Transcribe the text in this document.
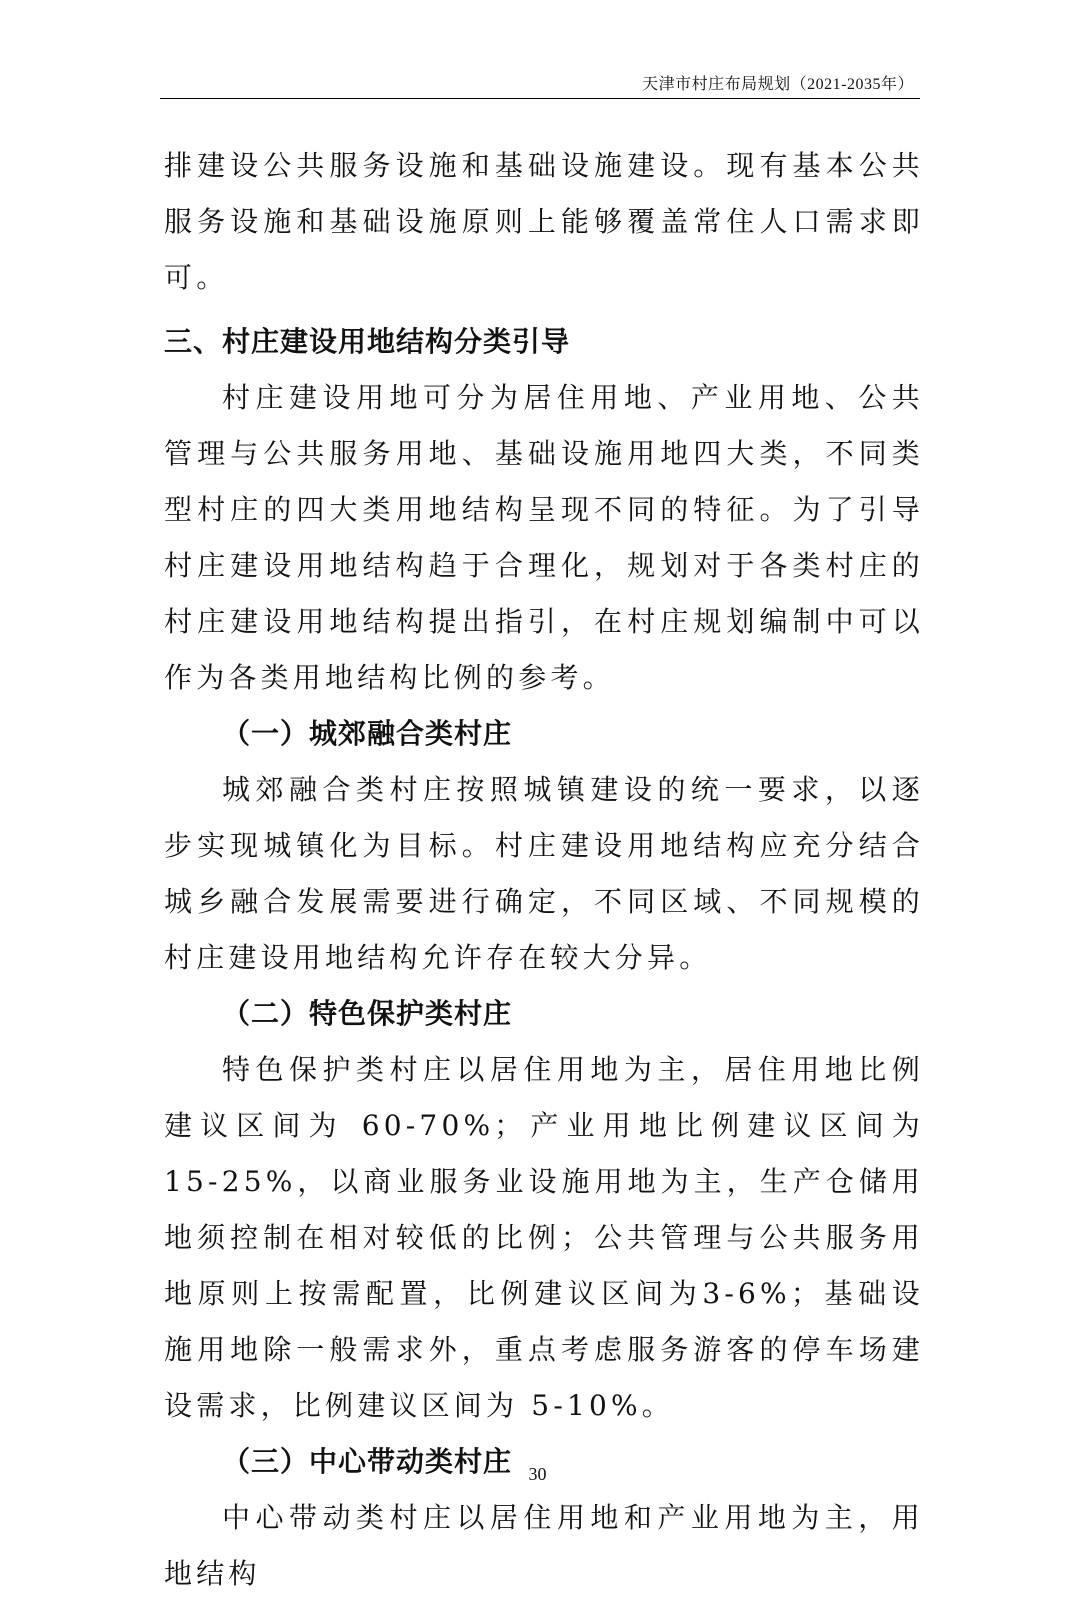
天津市村庄布局规划（2021-2035年）

排建设公共服务设施和基础设施建设。现有基本公共服务设施和基础设施原则上能够覆盖常住人口需求即可。

三、村庄建设用地结构分类引导

村庄建设用地可分为居住用地、产业用地、公共管理与公共服务用地、基础设施用地四大类，不同类型村庄的四大类用地结构呈现不同的特征。为了引导村庄建设用地结构趋于合理化，规划对于各类村庄的村庄建设用地结构提出指引，在村庄规划编制中可以作为各类用地结构比例的参考。

（一）城郊融合类村庄

城郊融合类村庄按照城镇建设的统一要求，以逐步实现城镇化为目标。村庄建设用地结构应充分结合城乡融合发展需要进行确定，不同区域、不同规模的村庄建设用地结构允许存在较大分异。

（二）特色保护类村庄

特色保护类村庄以居住用地为主，居住用地比例建议区间为 60-70%；产业用地比例建议区间为 15-25%，以商业服务业设施用地为主，生产仓储用地须控制在相对较低的比例；公共管理与公共服务用地原则上按需配置，比例建议区间为3-6%；基础设施用地除一般需求外，重点考虑服务游客的停车场建设需求，比例建议区间为 5-10%。

（三）中心带动类村庄

中心带动类村庄以居住用地和产业用地为主，用地结构

30
